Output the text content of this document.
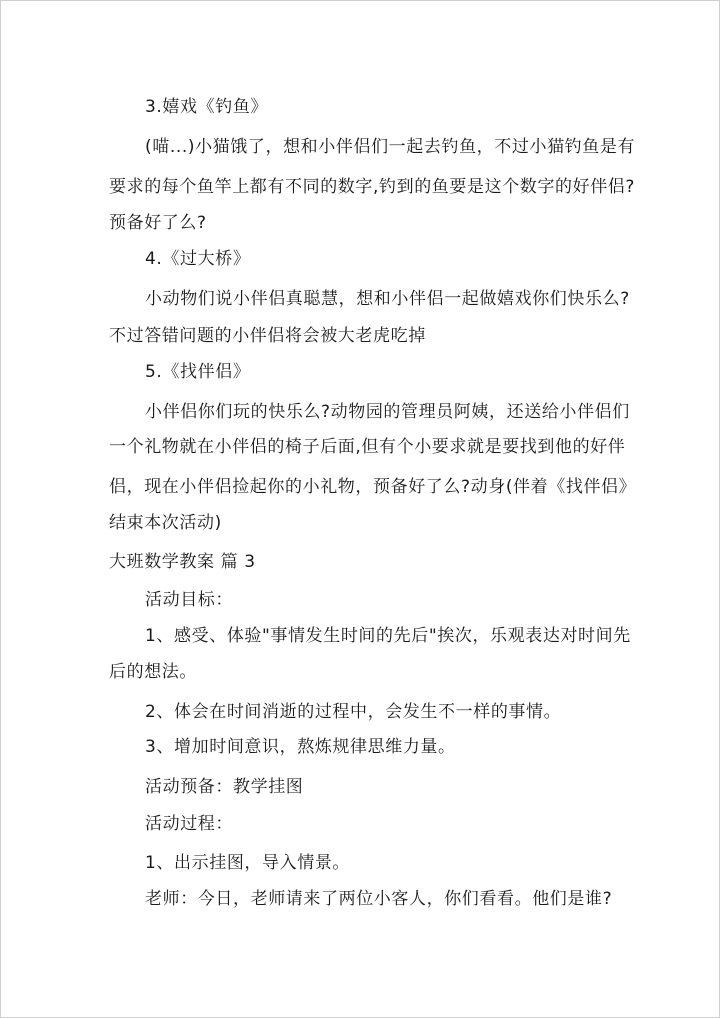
3.嬉戏《钓鱼》
(喵...)小猫饿了，想和小伴侣们一起去钓鱼，不过小猫钓鱼是有
要求的每个鱼竿上都有不同的数字,钓到的鱼要是这个数字的好伴侣?
预备好了么?
4.《过大桥》
小动物们说小伴侣真聪慧，想和小伴侣一起做嬉戏你们快乐么?
不过答错问题的小伴侣将会被大老虎吃掉
5.《找伴侣》
小伴侣你们玩的快乐么?动物园的管理员阿姨，还送给小伴侣们
一个礼物就在小伴侣的椅子后面,但有个小要求就是要找到他的好伴
侣，现在小伴侣捡起你的小礼物，预备好了么?动身(伴着《找伴侣》
结束本次活动)
大班数学教案 篇 3
活动目标：
1、感受、体验"事情发生时间的先后"挨次，乐观表达对时间先
后的想法。
2、体会在时间消逝的过程中，会发生不一样的事情。
3、增加时间意识，熬炼规律思维力量。
活动预备：教学挂图
活动过程：
1、出示挂图，导入情景。
老师：今日，老师请来了两位小客人，你们看看。他们是谁?
